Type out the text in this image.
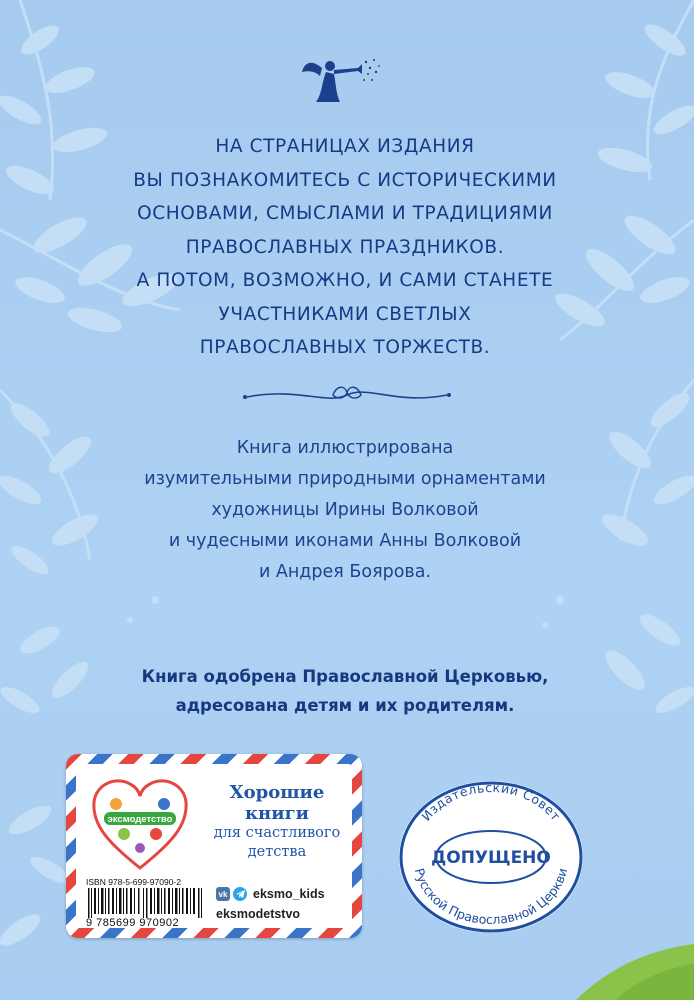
НА СТРАНИЦАХ ИЗДАНИЯ
ВЫ ПОЗНАКОМИТЕСЬ С ИСТОРИЧЕСКИМИ
ОСНОВАМИ, СМЫСЛАМИ И ТРАДИЦИЯМИ
ПРАВОСЛАВНЫХ ПРАЗДНИКОВ.
А ПОТОМ, ВОЗМОЖНО, И САМИ СТАНЕТЕ
УЧАСТНИКАМИ СВЕТЛЫХ
ПРАВОСЛАВНЫХ ТОРЖЕСТВ.
Книга иллюстрирована
изумительными природными орнаментами
художницы Ирины Волковой
и чудесными иконами Анны Волковой
и Андрея Боярова.
Книга одобрена Православной Церковью,
адресована детям и их родителям.
эксмодетство
Хорошие
книги
для счастливого
детства
ISBN 978-5-699-97090-2
9 785699 970902
vk eksmo_kids
eksmodetstvo
Издательский Совет
ДОПУЩЕНО
Русской Православной Церкви
